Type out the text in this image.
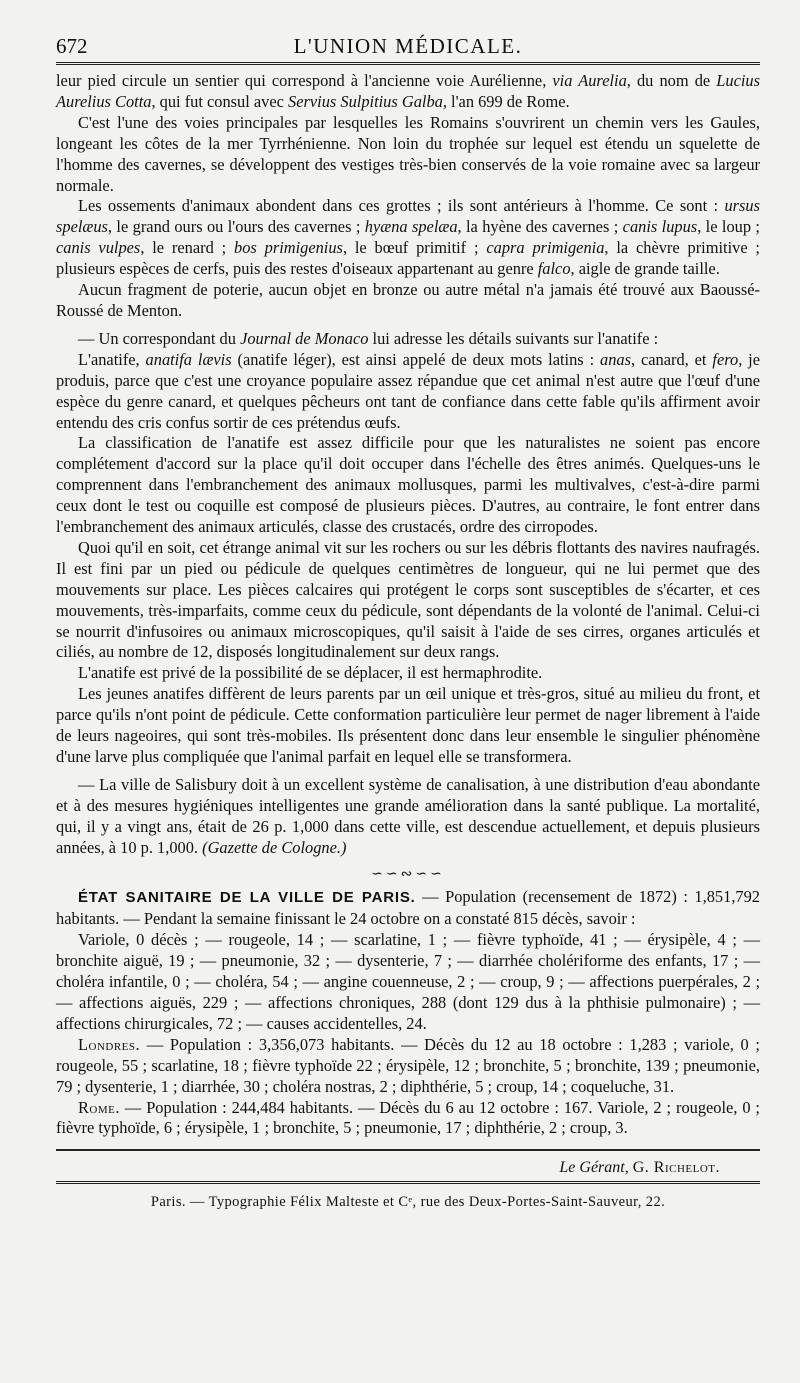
672	L'UNION MÉDICALE.

leur pied circule un sentier qui correspond à l'ancienne voie Aurélienne, via Aurelia, du nom de Lucius Aurelius Cotta, qui fut consul avec Servius Sulpitius Galba, l'an 699 de Rome.

C'est l'une des voies principales par lesquelles les Romains s'ouvrirent un chemin vers les Gaules, longeant les côtes de la mer Tyrrhénienne. Non loin du trophée sur lequel est étendu un squelette de l'homme des cavernes, se développent des vestiges très-bien conservés de la voie romaine avec sa largeur normale.

Les ossements d'animaux abondent dans ces grottes ; ils sont antérieurs à l'homme. Ce sont : ursus spelæus, le grand ours ou l'ours des cavernes ; hyæna spelæa, la hyène des cavernes ; canis lupus, le loup ; canis vulpes, le renard ; bos primigenius, le bœuf primitif ; capra primigenia, la chèvre primitive ; plusieurs espèces de cerfs, puis des restes d'oiseaux appartenant au genre falco, aigle de grande taille.

Aucun fragment de poterie, aucun objet en bronze ou autre métal n'a jamais été trouvé aux Baoussé-Roussé de Menton.

— Un correspondant du Journal de Monaco lui adresse les détails suivants sur l'anatife :

L'anatife, anatifa lævis (anatife léger), est ainsi appelé de deux mots latins : anas, canard, et fero, je produis, parce que c'est une croyance populaire assez répandue que cet animal n'est autre que l'œuf d'une espèce du genre canard, et quelques pêcheurs ont tant de confiance dans cette fable qu'ils affirment avoir entendu des cris confus sortir de ces prétendus œufs.

La classification de l'anatife est assez difficile pour que les naturalistes ne soient pas encore complétement d'accord sur la place qu'il doit occuper dans l'échelle des êtres animés. Quelques-uns le comprennent dans l'embranchement des animaux mollusques, parmi les multivalves, c'est-à-dire parmi ceux dont le test ou coquille est composé de plusieurs pièces. D'autres, au contraire, le font entrer dans l'embranchement des animaux articulés, classe des crustacés, ordre des cirropodes.

Quoi qu'il en soit, cet étrange animal vit sur les rochers ou sur les débris flottants des navires naufragés. Il est fini par un pied ou pédicule de quelques centimètres de longueur, qui ne lui permet que des mouvements sur place. Les pièces calcaires qui protégent le corps sont susceptibles de s'écarter, et ces mouvements, très-imparfaits, comme ceux du pédicule, sont dépendants de la volonté de l'animal. Celui-ci se nourrit d'infusoires ou animaux microscopiques, qu'il saisit à l'aide de ses cirres, organes articulés et ciliés, au nombre de 12, disposés longitudinalement sur deux rangs.

L'anatife est privé de la possibilité de se déplacer, il est hermaphrodite.

Les jeunes anatifes diffèrent de leurs parents par un œil unique et très-gros, situé au milieu du front, et parce qu'ils n'ont point de pédicule. Cette conformation particulière leur permet de nager librement à l'aide de leurs nageoires, qui sont très-mobiles. Ils présentent donc dans leur ensemble le singulier phénomène d'une larve plus compliquée que l'animal parfait en lequel elle se transformera.

— La ville de Salisbury doit à un excellent système de canalisation, à une distribution d'eau abondante et à des mesures hygiéniques intelligentes une grande amélioration dans la santé publique. La mortalité, qui, il y a vingt ans, était de 26 p. 1,000 dans cette ville, est descendue actuellement, et depuis plusieurs années, à 10 p. 1,000. (Gazette de Cologne.)

∽∽∾∽∽

ÉTAT SANITAIRE DE LA VILLE DE PARIS. — Population (recensement de 1872) : 1,851,792 habitants. — Pendant la semaine finissant le 24 octobre on a constaté 815 décès, savoir :

Variole, 0 décès ; — rougeole, 14 ; — scarlatine, 1 ; — fièvre typhoïde, 41 ; — érysipèle, 4 ; — bronchite aiguë, 19 ; — pneumonie, 32 ; — dysenterie, 7 ; — diarrhée cholériforme des enfants, 17 ; — choléra infantile, 0 ; — choléra, 54 ; — angine couenneuse, 2 ; — croup, 9 ; — affections puerpérales, 2 ; — affections aiguës, 229 ; — affections chroniques, 288 (dont 129 dus à la phthisie pulmonaire) ; — affections chirurgicales, 72 ; — causes accidentelles, 24.

Londres. — Population : 3,356,073 habitants. — Décès du 12 au 18 octobre : 1,283 ; variole, 0 ; rougeole, 55 ; scarlatine, 18 ; fièvre typhoïde 22 ; érysipèle, 12 ; bronchite, 5 ; bronchite, 139 ; pneumonie, 79 ; dysenterie, 1 ; diarrhée, 30 ; choléra nostras, 2 ; diphthérie, 5 ; croup, 14 ; coqueluche, 31.

Rome. — Population : 244,484 habitants. — Décès du 6 au 12 octobre : 167. Variole, 2 ; rougeole, 0 ; fièvre typhoïde, 6 ; érysipèle, 1 ; bronchite, 5 ; pneumonie, 17 ; diphthérie, 2 ; croup, 3.

Le Gérant, G. Richelot.
Paris. — Typographie Félix Malteste et Cᵉ, rue des Deux-Portes-Saint-Sauveur, 22.
